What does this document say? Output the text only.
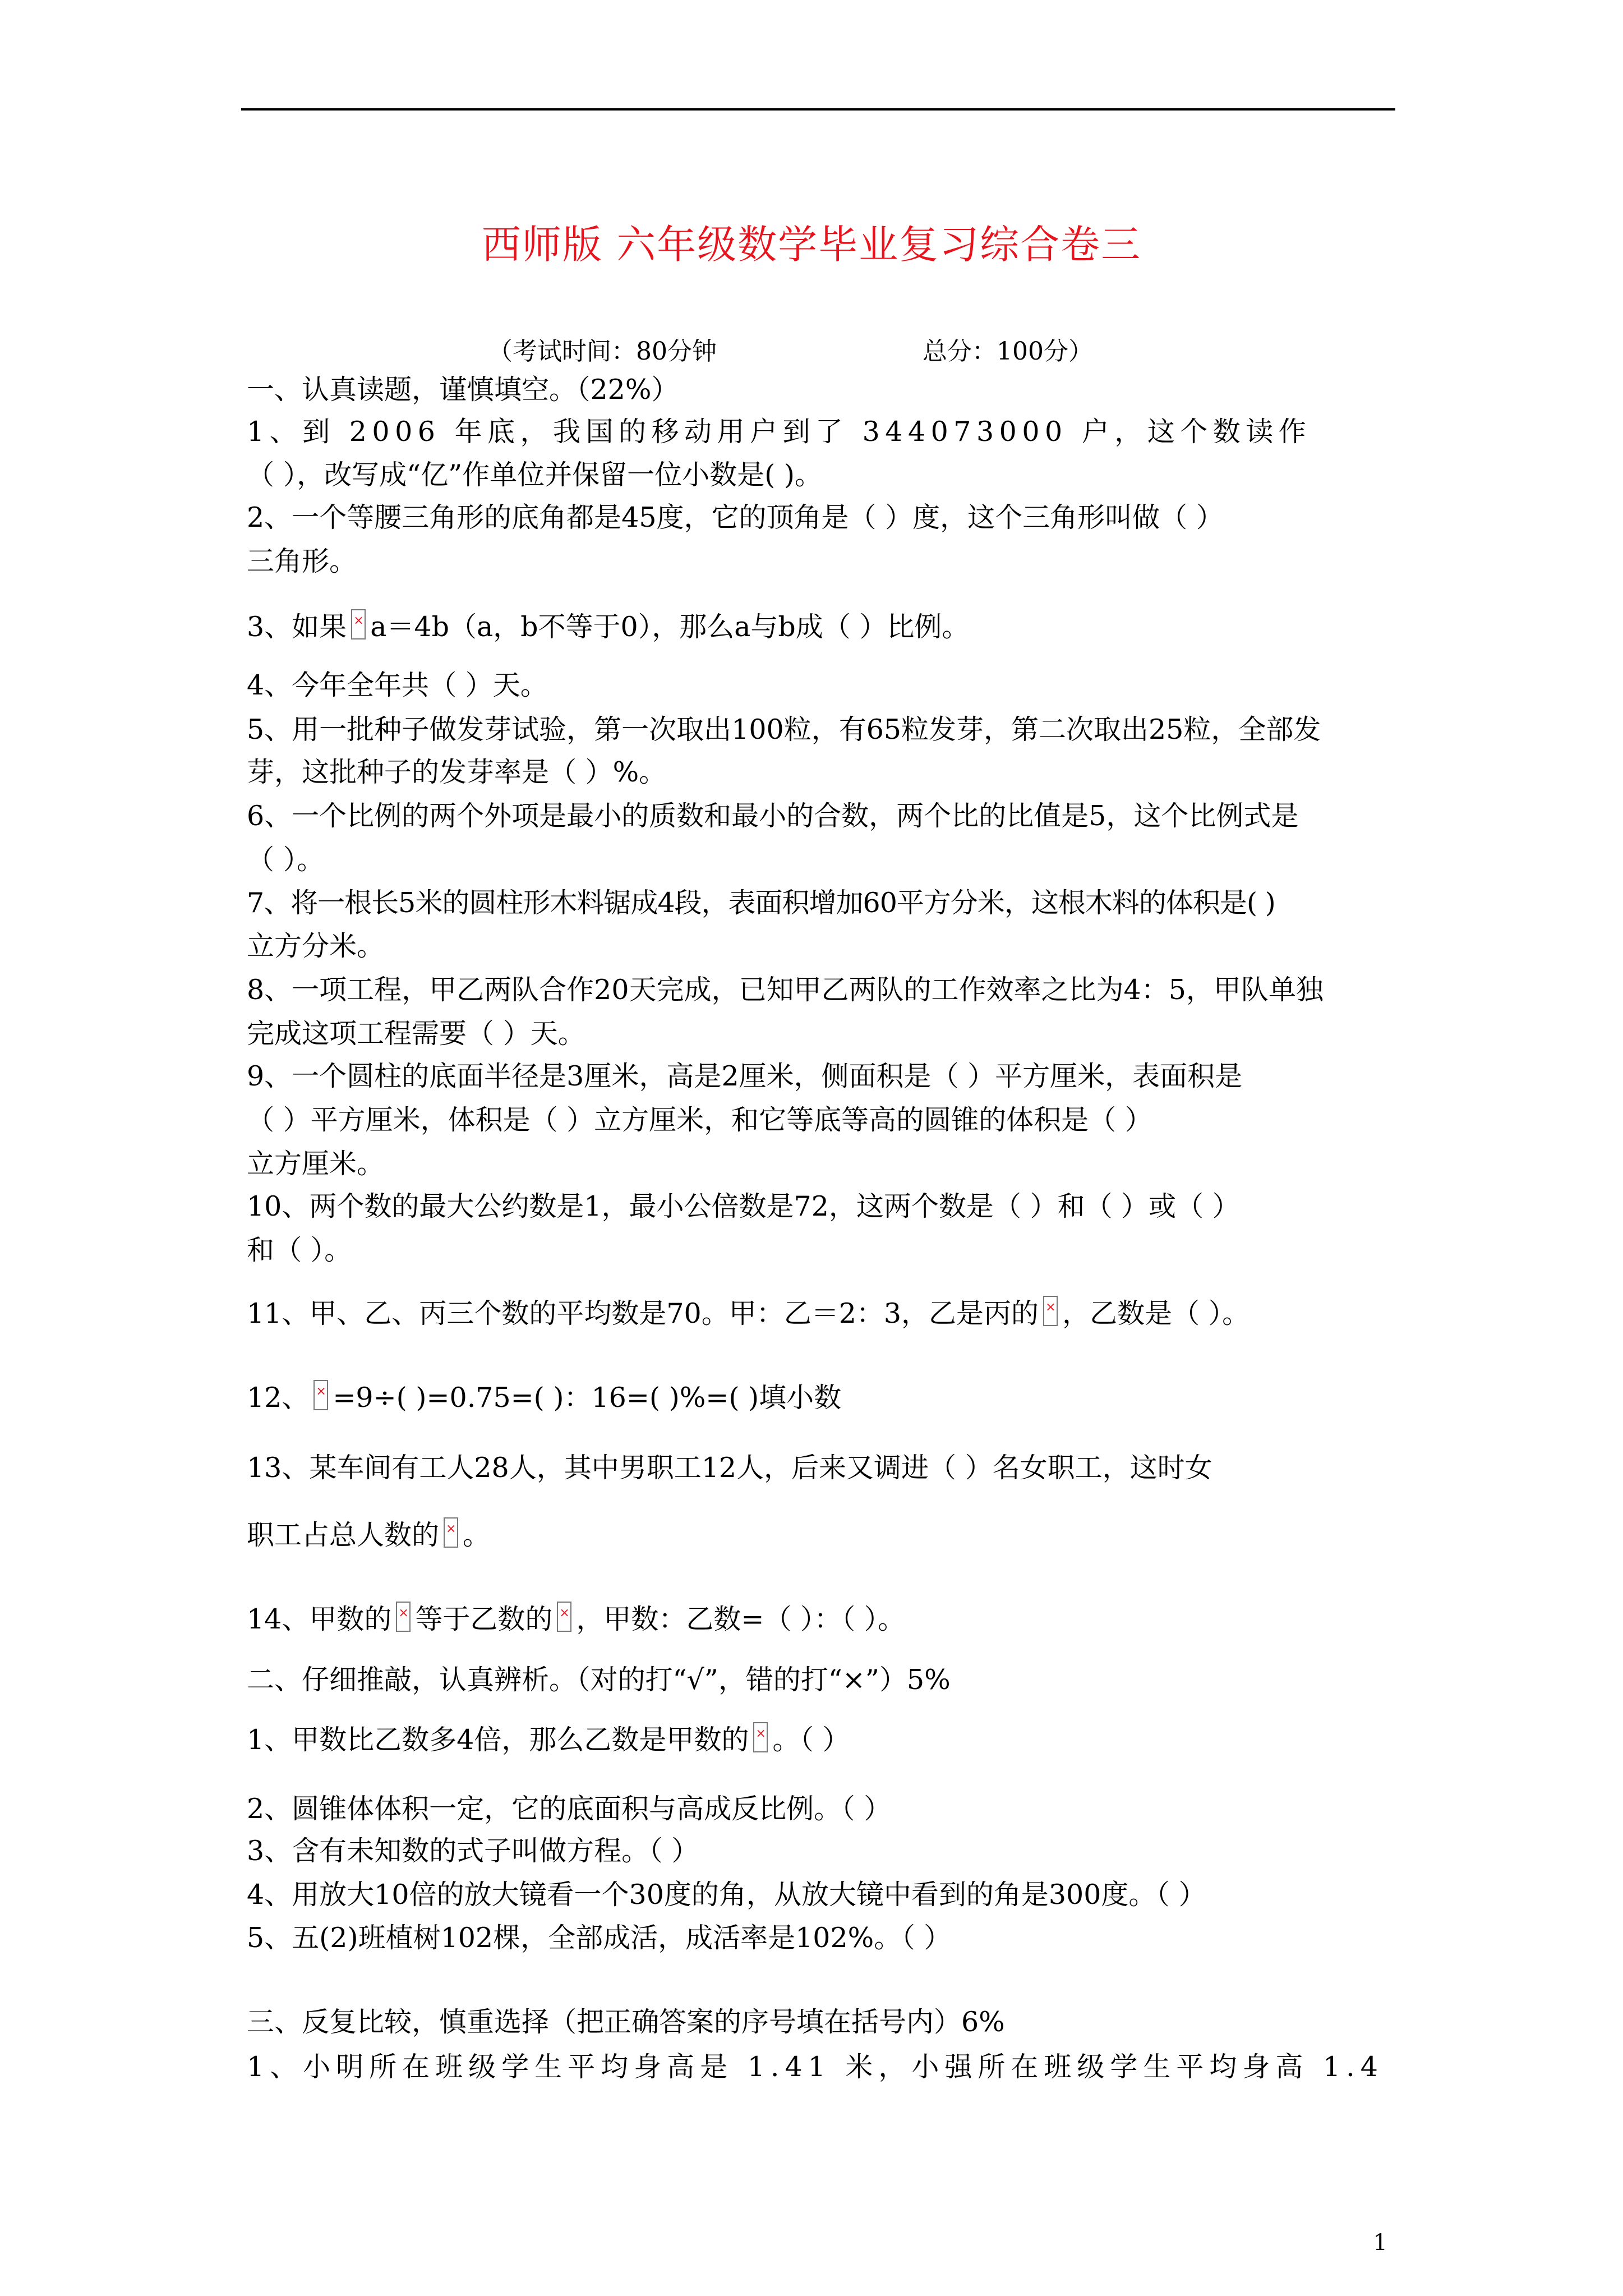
西师版 六年级数学毕业复习综合卷三
（考试时间：80分钟	总分：100分）
一、认真读题，谨慎填空。（22%）
1、到 2006 年底，我国的移动用户到了 344073000 户，这个数读作
（ ），改写成“亿”作单位并保留一位小数是( )。
2、一个等腰三角形的底角都是45度，它的顶角是（ ）度，这个三角形叫做（ ）
三角形。
3、如果 × a＝4b（a，b不等于0），那么a与b成（ ）比例。
4、今年全年共（ ）天。
5、用一批种子做发芽试验，第一次取出100粒，有65粒发芽，第二次取出25粒，全部发
芽，这批种子的发芽率是（ ）%。
6、一个比例的两个外项是最小的质数和最小的合数，两个比的比值是5，这个比例式是
（ ）。
7、将一根长5米的圆柱形木料锯成4段，表面积增加60平方分米，这根木料的体积是( )
立方分米。
8、一项工程，甲乙两队合作20天完成，已知甲乙两队的工作效率之比为4：5，甲队单独
完成这项工程需要（ ）天。
9、一个圆柱的底面半径是3厘米，高是2厘米，侧面积是（ ）平方厘米，表面积是
（ ）平方厘米，体积是（ ）立方厘米，和它等底等高的圆锥的体积是（ ）
立方厘米。
10、两个数的最大公约数是1，最小公倍数是72，这两个数是（ ）和（ ）或（ ）
和（ ）。
11、甲、乙、丙三个数的平均数是70。甲：乙＝2：3，乙是丙的 × ，乙数是（ ）。
12、 × =9÷( )=0.75=( )：16=( )%=( )填小数
13、某车间有工人28人，其中男职工12人，后来又调进（ ）名女职工，这时女
职工占总人数的 × 。
14、甲数的 × 等于乙数的 × ，甲数：乙数=（ ）：（ ）。
二、仔细推敲，认真辨析。（对的打“√”，错的打“×”）5%
1、甲数比乙数多4倍，那么乙数是甲数的 × 。（ ）
2、圆锥体体积一定，它的底面积与高成反比例。（ ）
3、含有未知数的式子叫做方程。（ ）
4、用放大10倍的放大镜看一个30度的角，从放大镜中看到的角是300度。（ ）
5、五(2)班植树102棵，全部成活，成活率是102%。（ ）
三、反复比较，慎重选择（把正确答案的序号填在括号内）6%
1、小明所在班级学生平均身高是 1.41 米，小强所在班级学生平均身高 1.4
1
